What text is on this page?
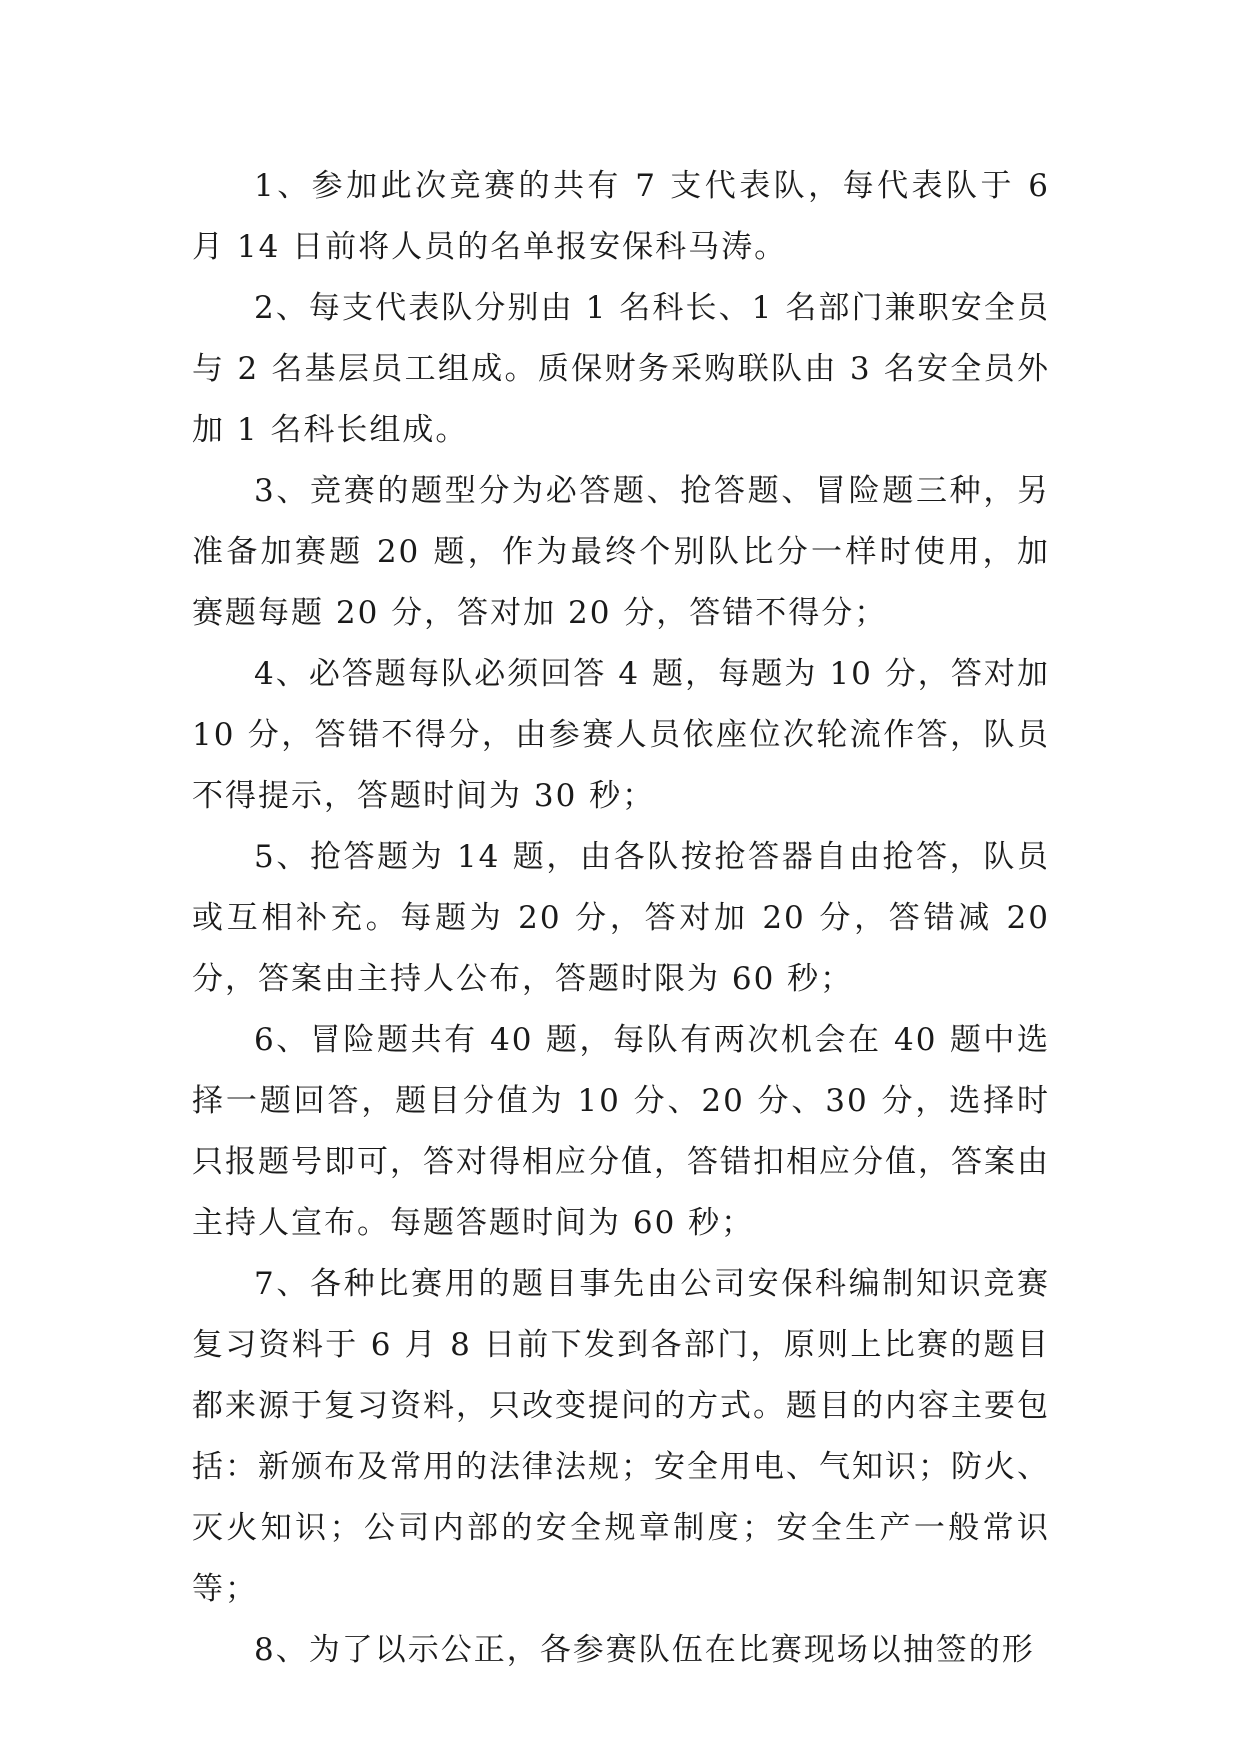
1、参加此次竞赛的共有 7 支代表队，每代表队于 6 月 14 日前将人员的名单报安保科马涛。

2、每支代表队分别由 1 名科长、1 名部门兼职安全员与 2 名基层员工组成。质保财务采购联队由 3 名安全员外加 1 名科长组成。

3、竞赛的题型分为必答题、抢答题、冒险题三种，另准备加赛题 20 题，作为最终个别队比分一样时使用，加赛题每题 20 分，答对加 20 分，答错不得分；

4、必答题每队必须回答 4 题，每题为 10 分，答对加 10 分，答错不得分，由参赛人员依座位次轮流作答，队员不得提示，答题时间为 30 秒；

5、抢答题为 14 题，由各队按抢答器自由抢答，队员或互相补充。每题为 20 分，答对加 20 分，答错减 20 分，答案由主持人公布，答题时限为 60 秒；

6、冒险题共有 40 题，每队有两次机会在 40 题中选择一题回答，题目分值为 10 分、20 分、30 分，选择时只报题号即可，答对得相应分值，答错扣相应分值，答案由主持人宣布。每题答题时间为 60 秒；

7、各种比赛用的题目事先由公司安保科编制知识竞赛复习资料于 6 月 8 日前下发到各部门，原则上比赛的题目都来源于复习资料，只改变提问的方式。题目的内容主要包括：新颁布及常用的法律法规；安全用电、气知识；防火、灭火知识；公司内部的安全规章制度；安全生产一般常识等；

8、为了以示公正，各参赛队伍在比赛现场以抽签的形
